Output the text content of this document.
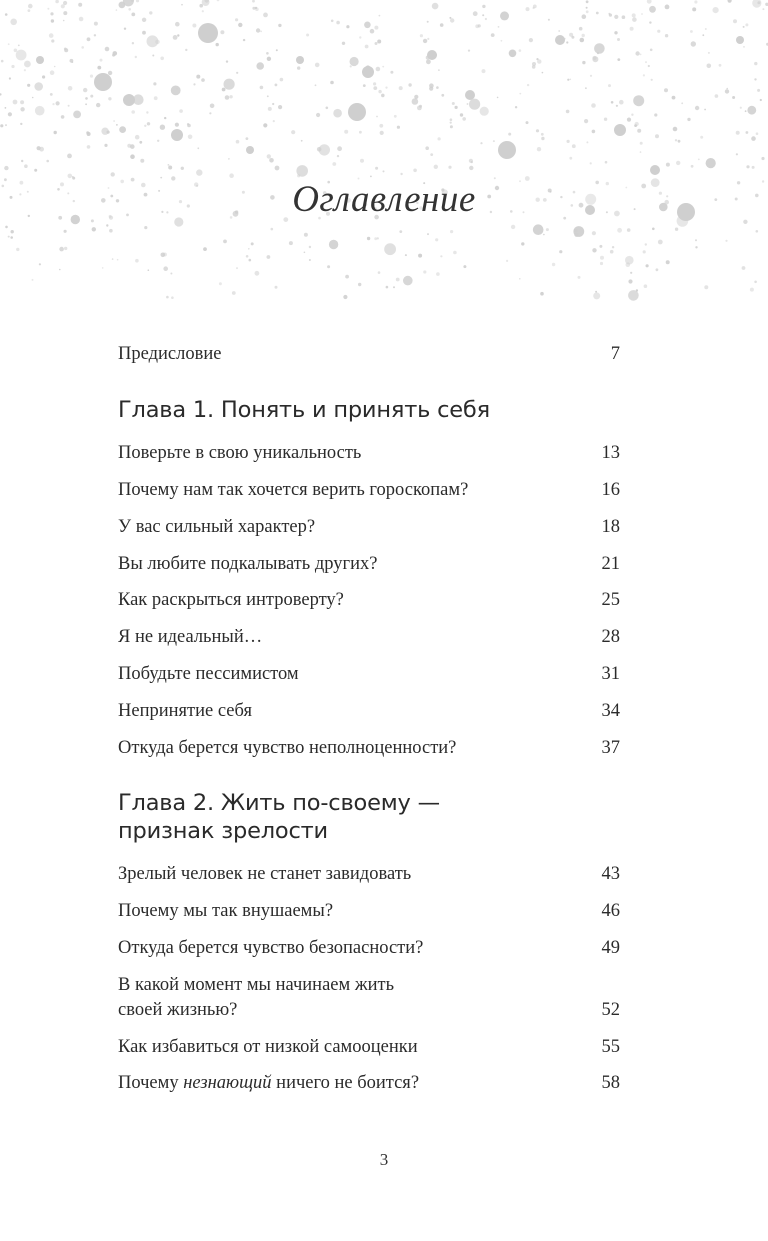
Оглавление
Предисловие	7
Глава 1. Понять и принять себя
Поверьте в свою уникальность	13
Почему нам так хочется верить гороскопам?	16
У вас сильный характер?	18
Вы любите подкалывать других?	21
Как раскрыться интроверту?	25
Я не идеальный…	28
Побудьте пессимистом	31
Непринятие себя	34
Откуда берется чувство неполноценности?	37
Глава 2. Жить по-своему —
признак зрелости
Зрелый человек не станет завидовать	43
Почему мы так внушаемы?	46
Откуда берется чувство безопасности?	49
В какой момент мы начинаем жить
своей жизнью?	52
Как избавиться от низкой самооценки	55
Почему незнающий ничего не боится?	58
3
